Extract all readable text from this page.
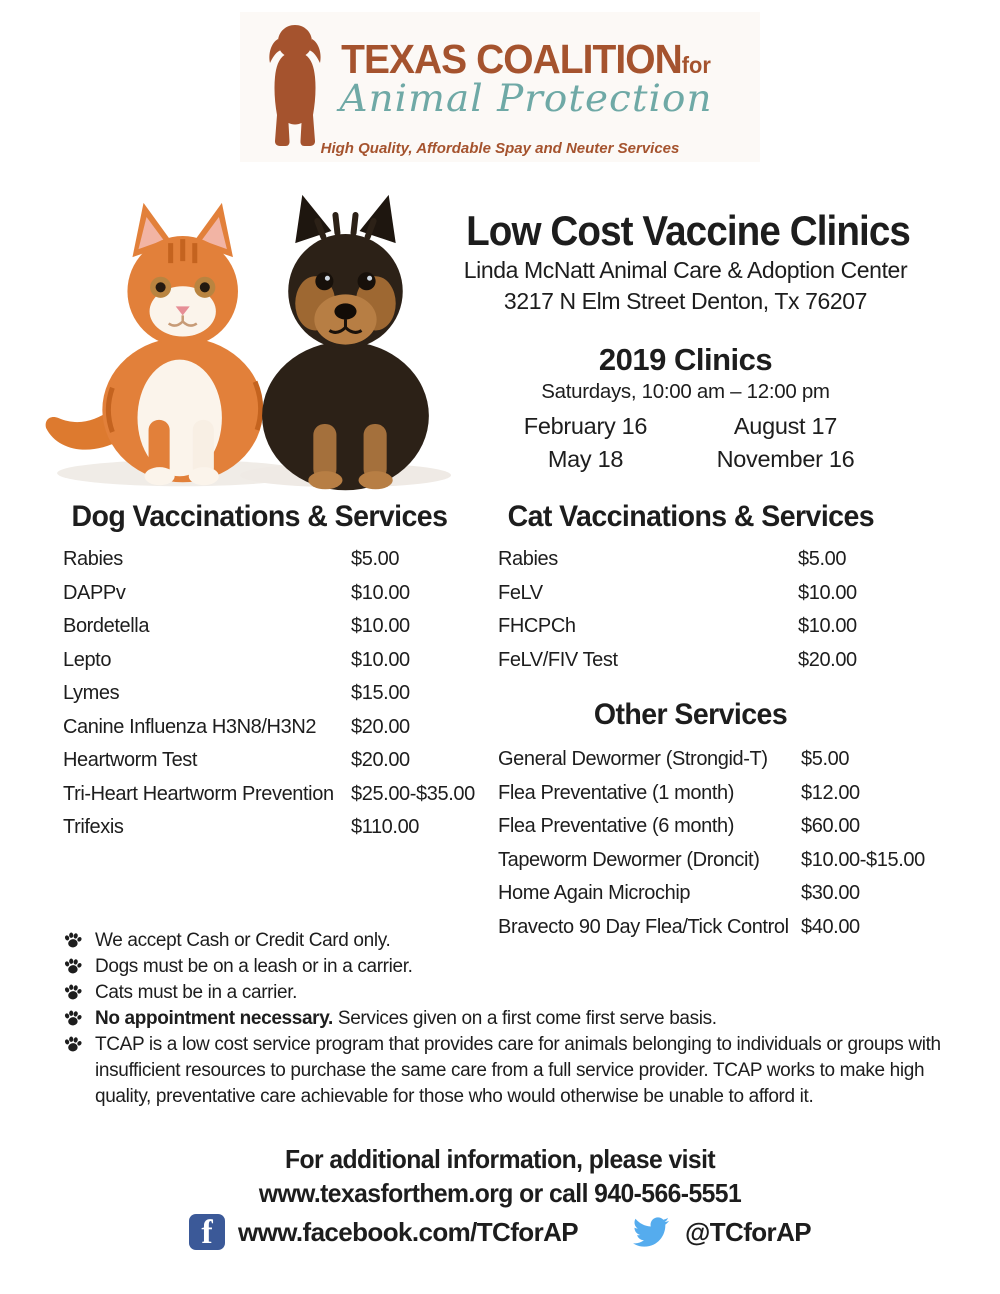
TEXAS COALITIONfor
Animal Protection
High Quality, Affordable Spay and Neuter Services
Low Cost Vaccine Clinics
Linda McNatt Animal Care & Adoption Center
3217 N Elm Street Denton, Tx 76207
2019 Clinics
Saturdays, 10:00 am – 12:00 pm
February 16	August 17
May 18	November 16
Dog Vaccinations & Services
Rabies	$5.00
DAPPv	$10.00
Bordetella	$10.00
Lepto	$10.00
Lymes	$15.00
Canine Influenza H3N8/H3N2	$20.00
Heartworm Test	$20.00
Tri-Heart Heartworm Prevention $25.00-$35.00
Trifexis	$110.00
Cat Vaccinations & Services
Rabies	$5.00
FeLV	$10.00
FHCPCh	$10.00
FeLV/FIV Test	$20.00
Other Services
General Dewormer (Strongid-T)	$5.00
Flea Preventative (1 month)	$12.00
Flea Preventative (6 month)	$60.00
Tapeworm Dewormer (Droncit)	$10.00-$15.00
Home Again Microchip	$30.00
Bravecto 90 Day Flea/Tick Control $40.00
We accept Cash or Credit Card only.
Dogs must be on a leash or in a carrier.
Cats must be in a carrier.
No appointment necessary. Services given on a first come first serve basis.
TCAP is a low cost service program that provides care for animals belonging to individuals or groups with insufficient resources to purchase the same care from a full service provider. TCAP works to make high quality, preventative care achievable for those who would otherwise be unable to afford it.
For additional information, please visit
www.texasforthem.org or call 940-566-5551
f www.facebook.com/TCforAP	@TCforAP
